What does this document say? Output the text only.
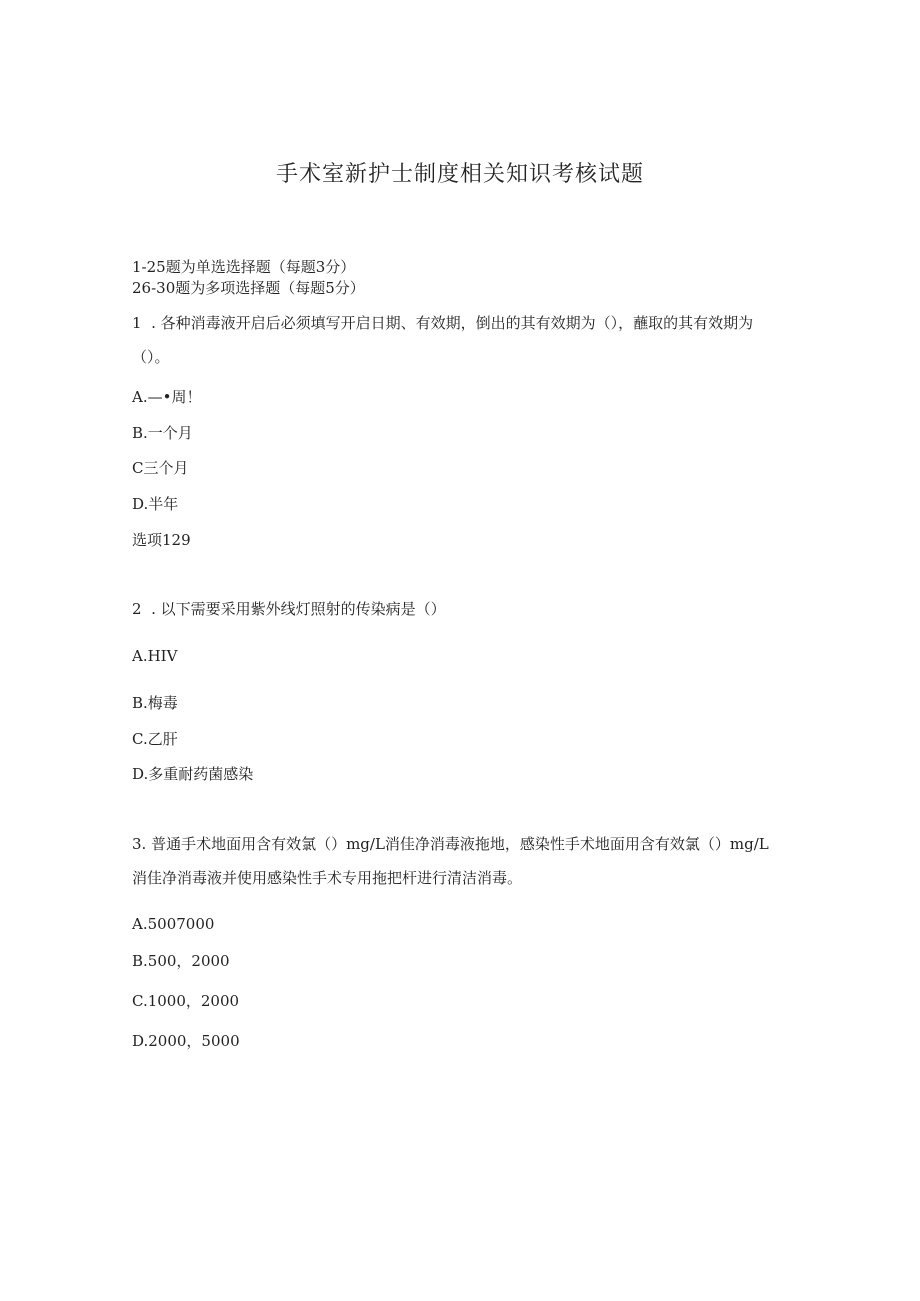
手术室新护士制度相关知识考核试题
1-25题为单选选择题（每题3分）
26-30题为多项选择题（每题5分）
1  . 各种消毒液开启后必须填写开启日期、有效期，倒出的其有效期为（），蘸取的其有效期为（）。
A.—•周！
B.一个月
C三个月
D.半年
选项129
2  . 以下需要采用紫外线灯照射的传染病是（）
A.HIV
B.梅毒
C.乙肝
D.多重耐药菌感染
3. 普通手术地面用含有效氯（）mg/L消佳净消毒液拖地，感染性手术地面用含有效氯（）mg/L消佳净消毒液并使用感染性手术专用拖把杆进行清洁消毒。
A.5007000
B.500，2000
C.1000，2000
D.2000，5000
